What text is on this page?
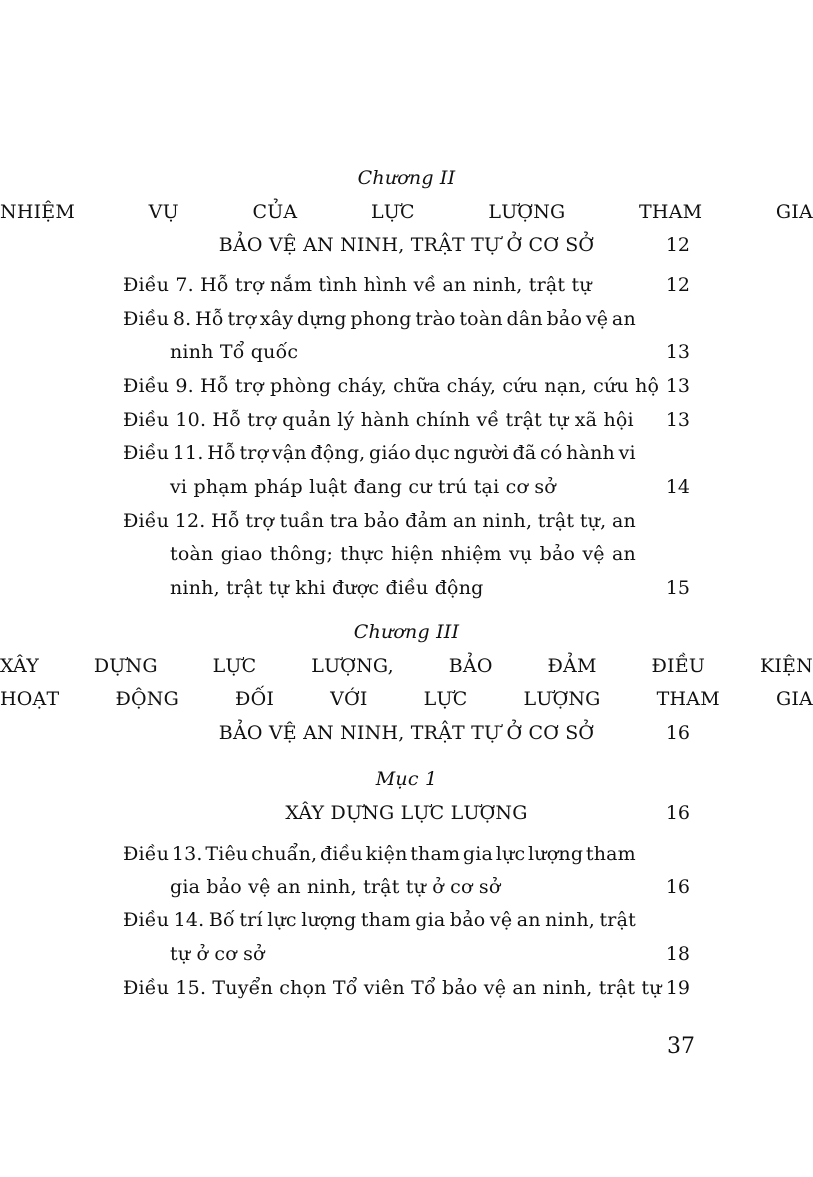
Chương II
NHIỆM	VỤ	CỦA	LỰC	LƯỢNG	THAM	GIA
BẢO VỆ AN NINH, TRẬT TỰ Ở CƠ SỞ	12
Điều 7. Hỗ trợ nắm tình hình về an ninh, trật tự	12
Điều 8. Hỗ trợ xây dựng phong trào toàn dân bảo vệ an
ninh Tổ quốc	13
Điều 9. Hỗ trợ phòng cháy, chữa cháy, cứu nạn, cứu hộ 13
Điều 10. Hỗ trợ quản lý hành chính về trật tự xã hội	13
Điều 11. Hỗ trợ vận động, giáo dục người đã có hành vi
vi phạm pháp luật đang cư trú tại cơ sở	14
Điều 12. Hỗ trợ tuần tra bảo đảm an ninh, trật tự, an
toàn giao thông; thực hiện nhiệm vụ bảo vệ an
ninh, trật tự khi được điều động	15
Chương III
XÂY	DỰNG	LỰC	LƯỢNG,	BẢO	ĐẢM	ĐIỀU	KIỆN
HOẠT	ĐỘNG	ĐỐI	VỚI	LỰC	LƯỢNG	THAM	GIA
BẢO VỆ AN NINH, TRẬT TỰ Ở CƠ SỞ	16
Mục 1
XÂY DỰNG LỰC LƯỢNG	16
Điều 13. Tiêu chuẩn, điều kiện tham gia lực lượng tham
gia bảo vệ an ninh, trật tự ở cơ sở	16
Điều 14. Bố trí lực lượng tham gia bảo vệ an ninh, trật
tự ở cơ sở	18
Điều 15. Tuyển chọn Tổ viên Tổ bảo vệ an ninh, trật tự 19
37
